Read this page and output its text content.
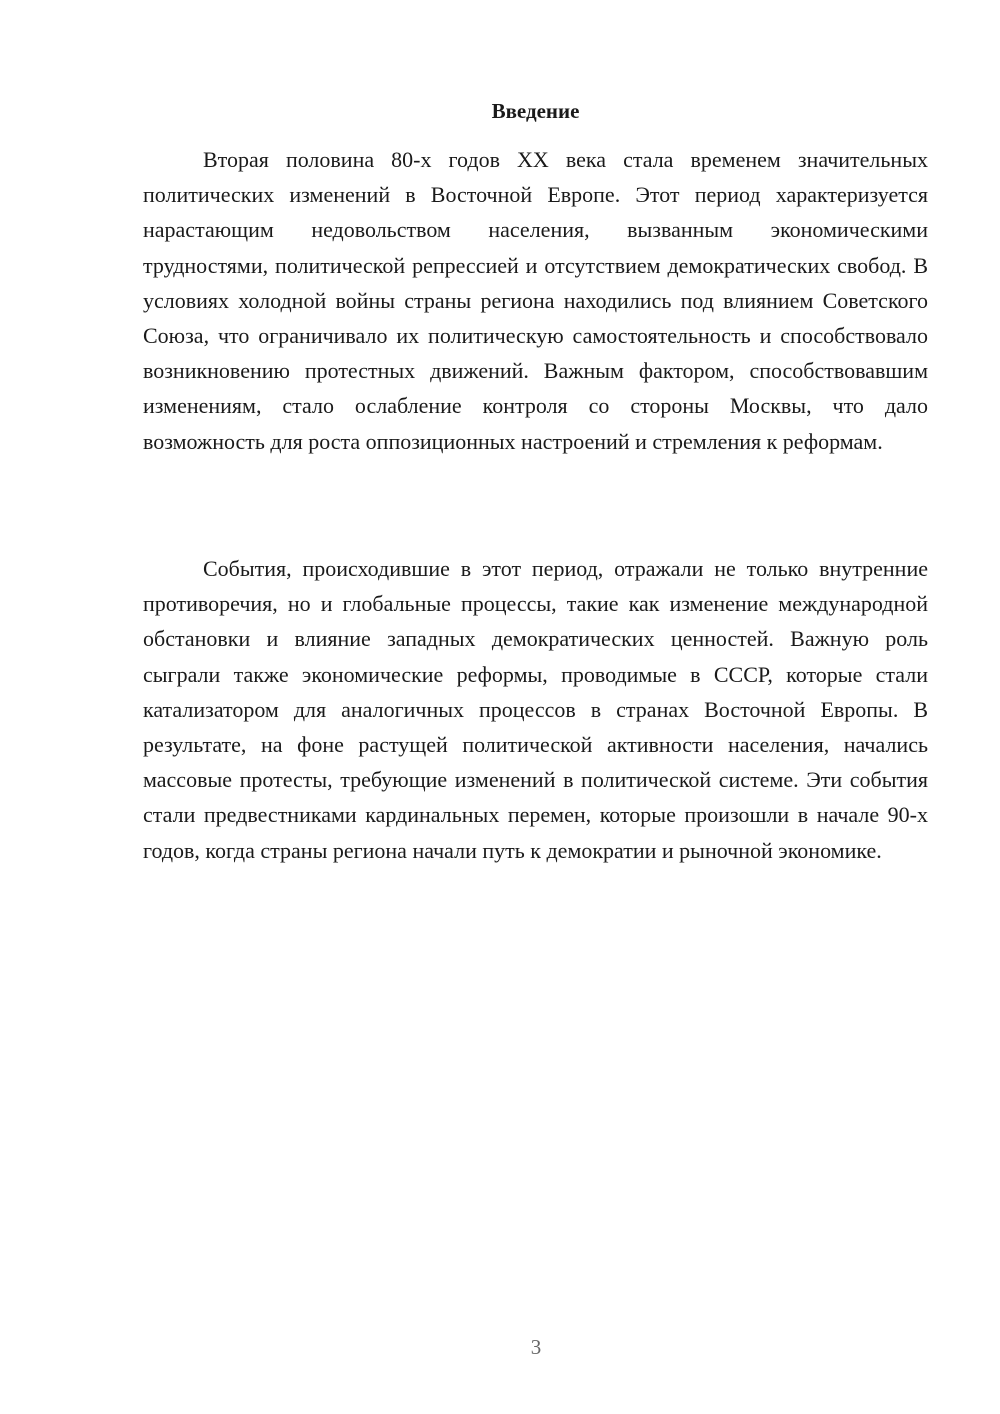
Введение

Вторая половина 80-х годов XX века стала временем значительных политических изменений в Восточной Европе. Этот период характеризуется нарастающим недовольством населения, вызванным экономическими трудностями, политической репрессией и отсутствием демократических свобод. В условиях холодной войны страны региона находились под влиянием Советского Союза, что ограничивало их политическую самостоятельность и способствовало возникновению протестных движений. Важным фактором, способствовавшим изменениям, стало ослабление контроля со стороны Москвы, что дало возможность для роста оппозиционных настроений и стремления к реформам.

События, происходившие в этот период, отражали не только внутренние противоречия, но и глобальные процессы, такие как изменение международной обстановки и влияние западных демократических ценностей. Важную роль сыграли также экономические реформы, проводимые в СССР, которые стали катализатором для аналогичных процессов в странах Восточной Европы. В результате, на фоне растущей политической активности населения, начались массовые протесты, требующие изменений в политической системе. Эти события стали предвестниками кардинальных перемен, которые произошли в начале 90-х годов, когда страны региона начали путь к демократии и рыночной экономике.

3
